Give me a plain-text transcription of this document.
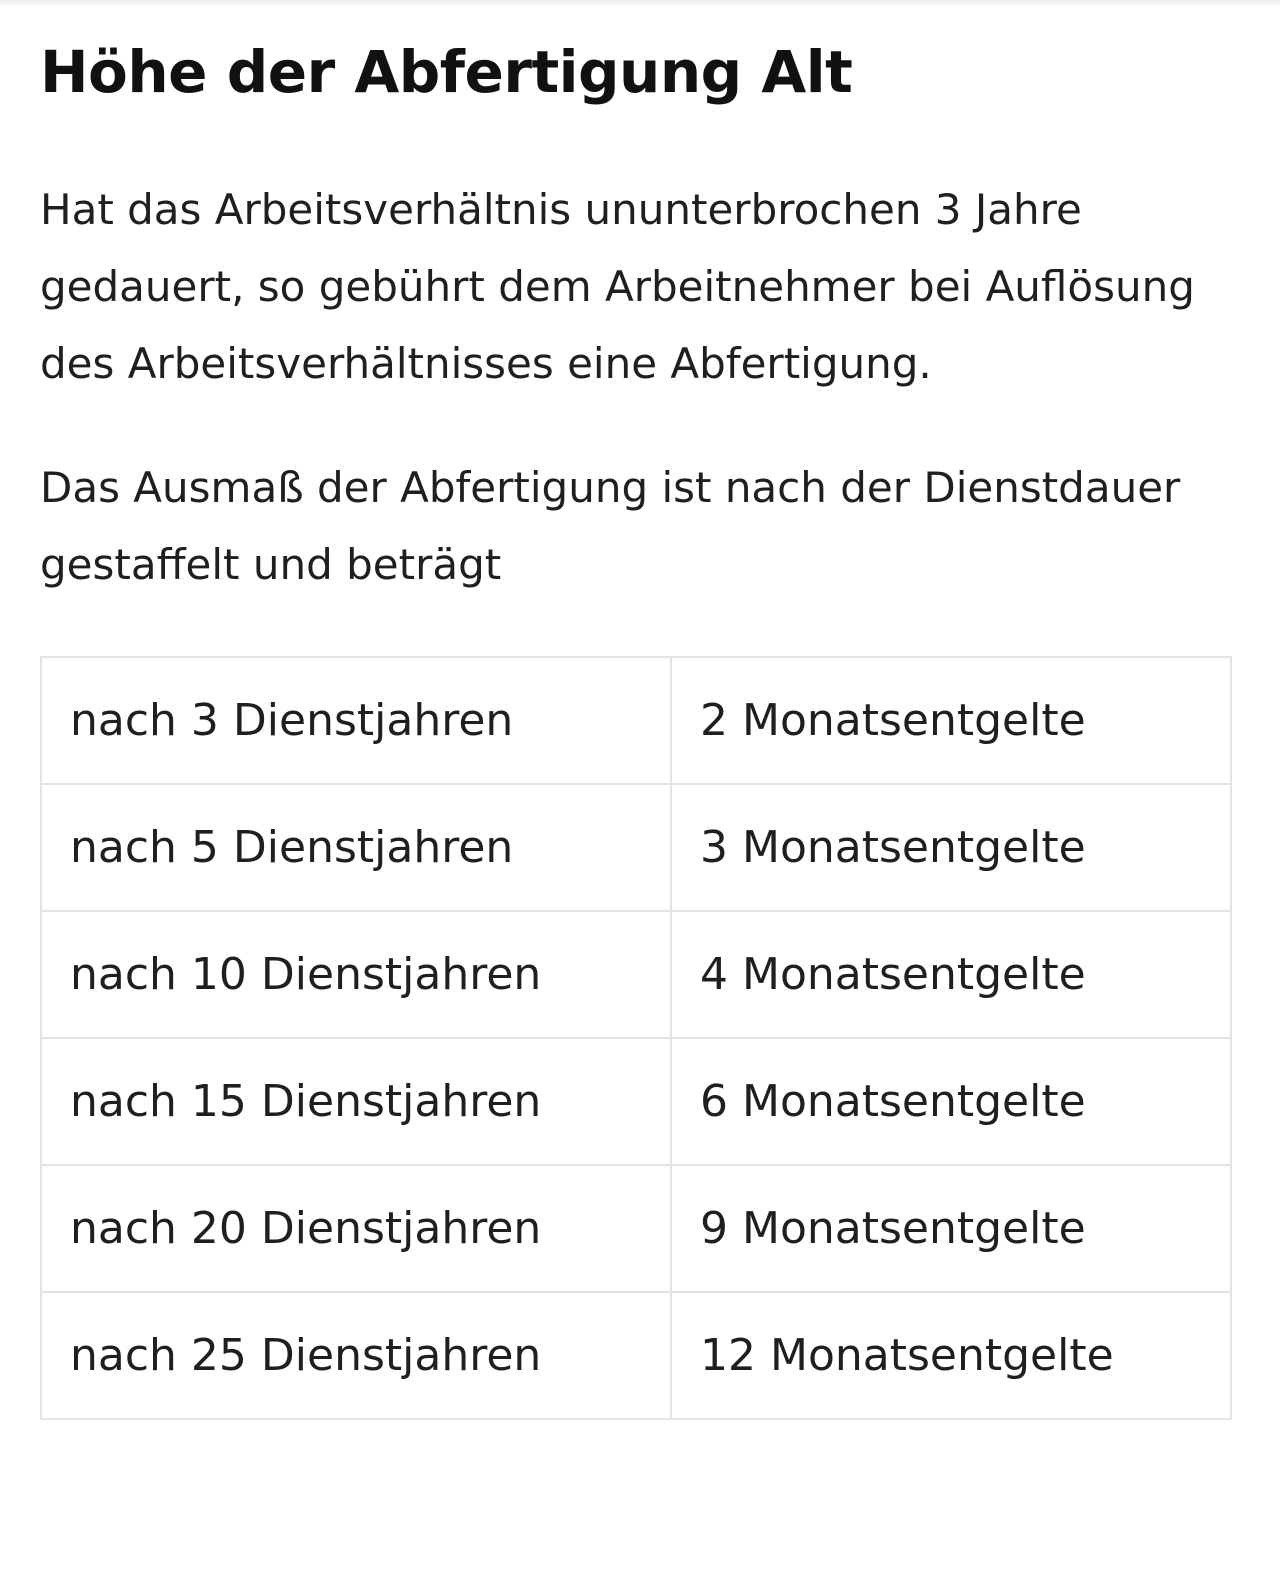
Höhe der Abfertigung Alt

Hat das Arbeitsverhältnis ununterbrochen 3 Jahre gedauert, so gebührt dem Arbeitnehmer bei Auflösung des Arbeitsverhältnisses eine Abfertigung.

Das Ausmaß der Abfertigung ist nach der Dienstdauer gestaffelt und beträgt

nach 3 Dienstjahren	2 Monatsentgelte
nach 5 Dienstjahren	3 Monatsentgelte
nach 10 Dienstjahren	4 Monatsentgelte
nach 15 Dienstjahren	6 Monatsentgelte
nach 20 Dienstjahren	9 Monatsentgelte
nach 25 Dienstjahren	12 Monatsentgelte
